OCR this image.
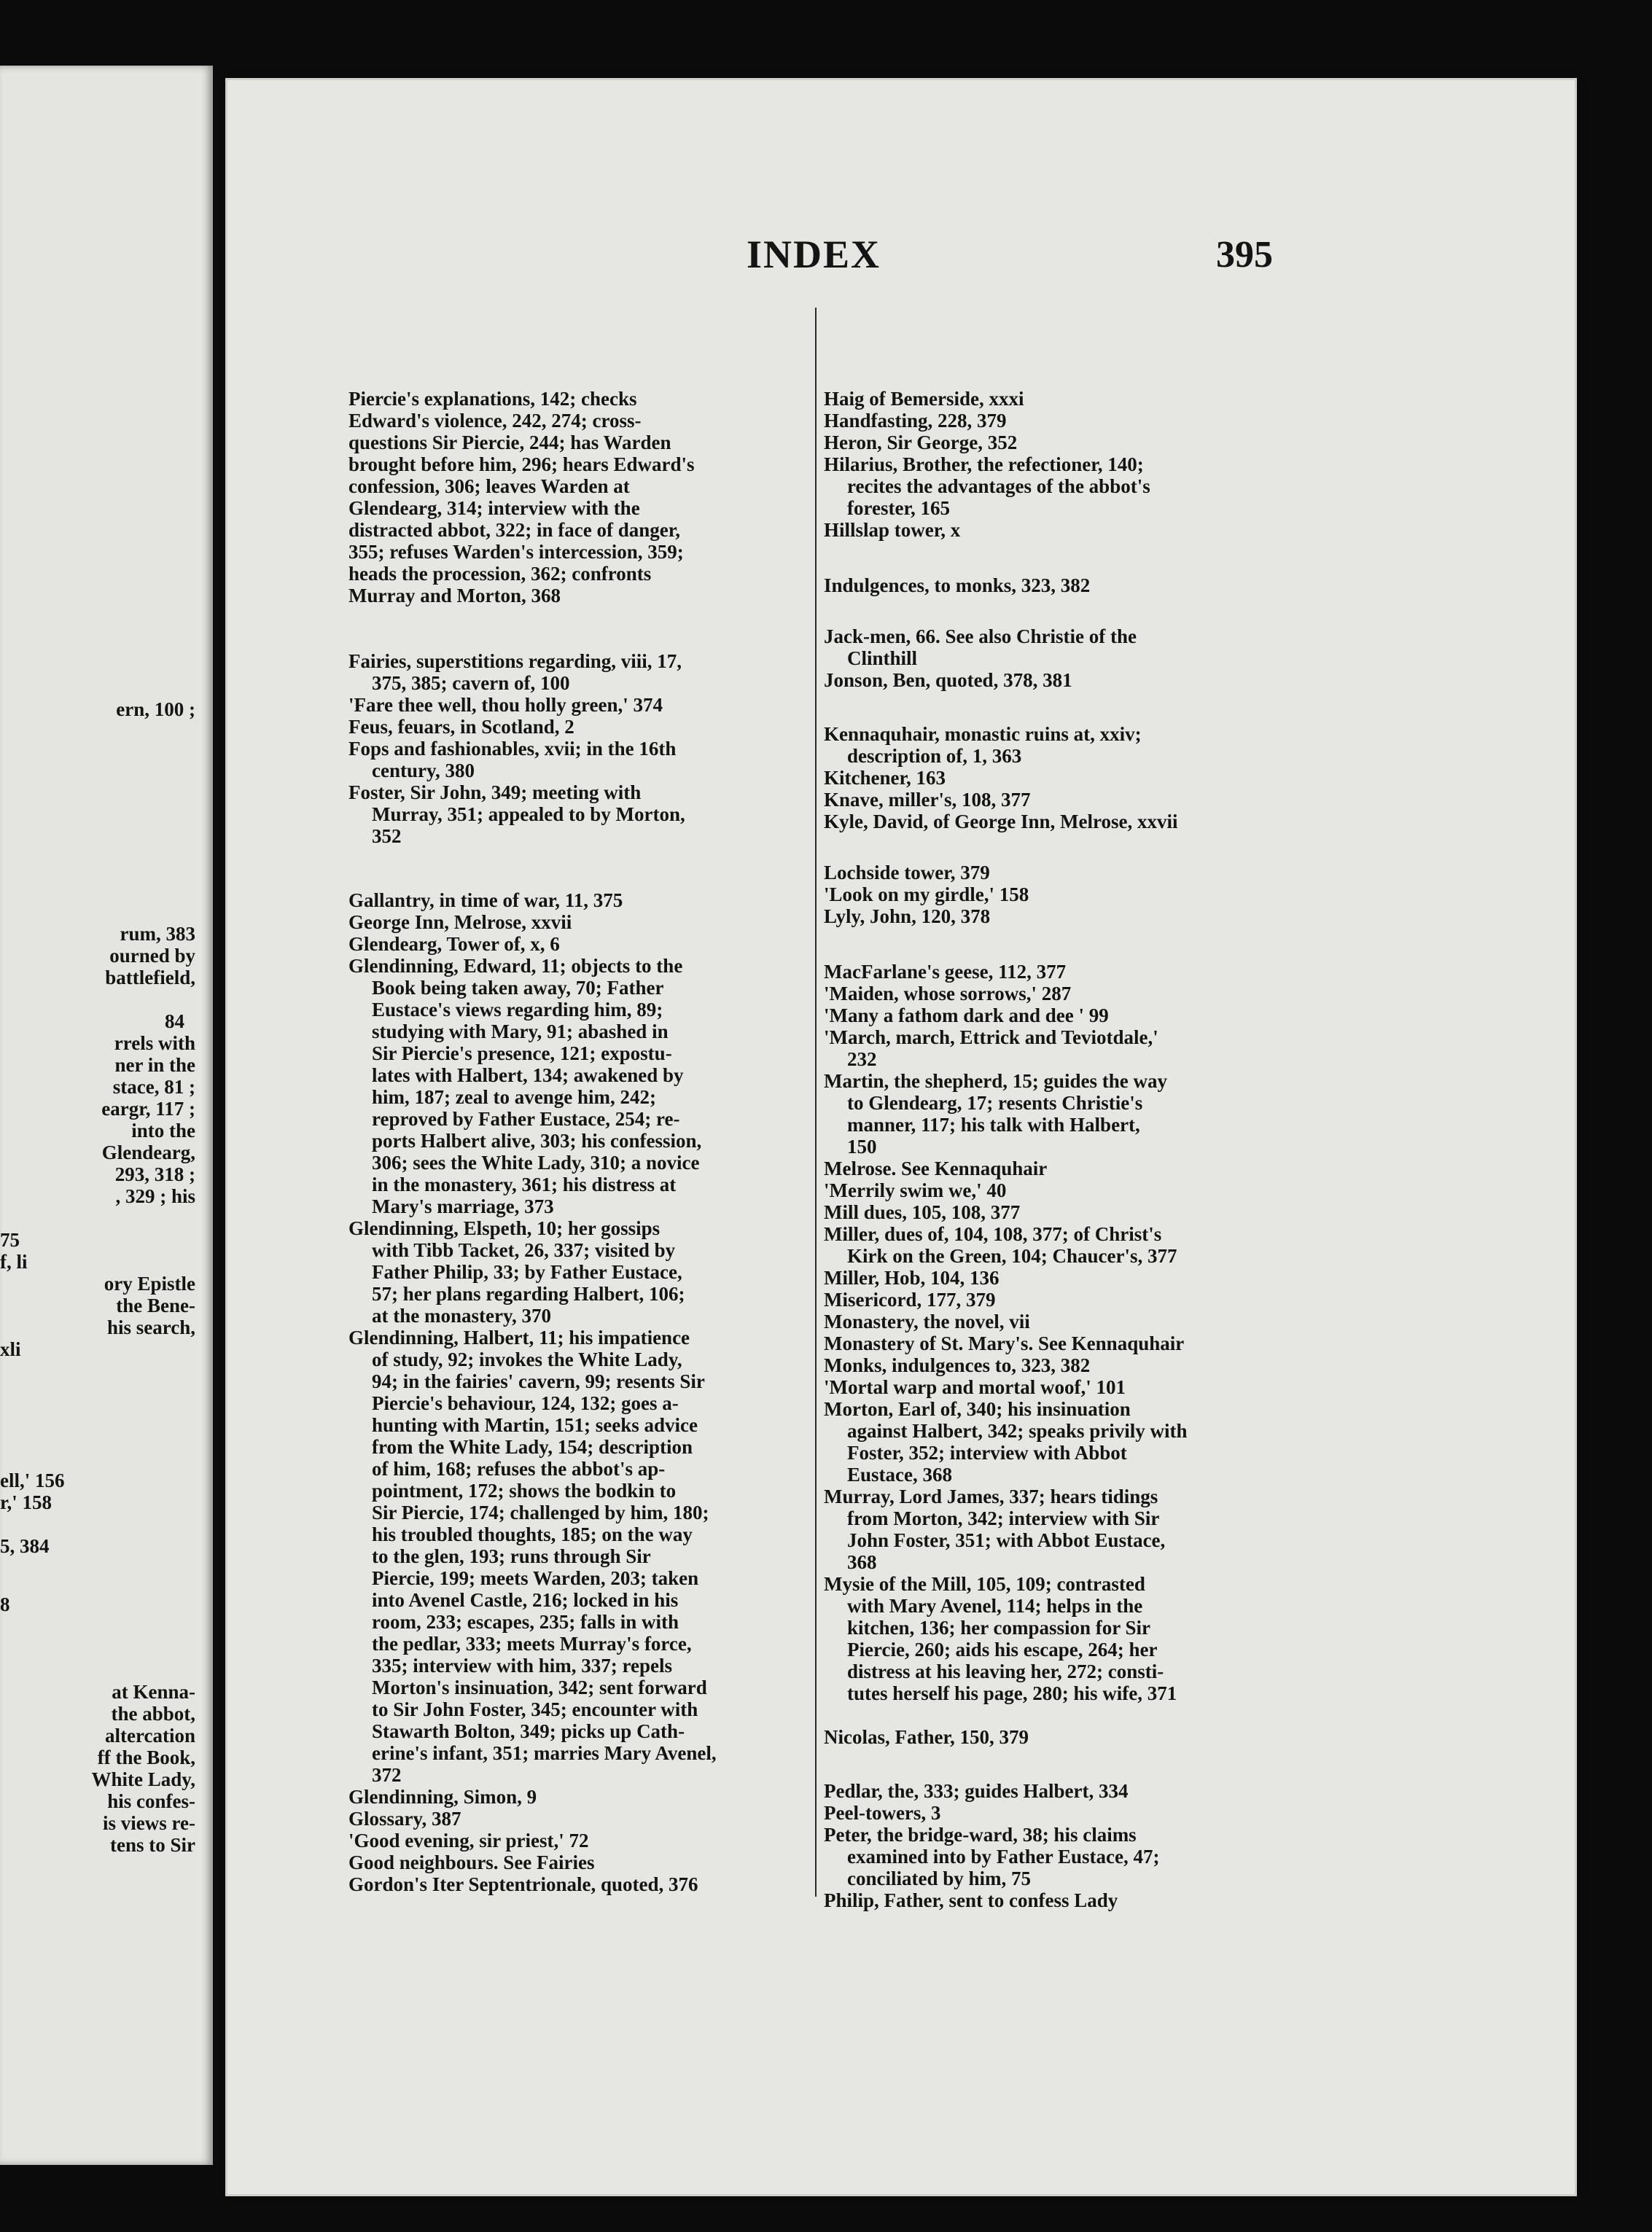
ern, 100 ;
rum, 383
ourned by
battlefield,
84
rrels with
ner in the
stace, 81 ;
eargr, 117 ;
into the
Glendearg,
293, 318 ;
, 329 ; his
75
f, li
ory Epistle
the Bene-
his search,
xli
ell,' 156
r,' 158
5, 384
8
at Kenna-
the abbot,
altercation
ff the Book,
White Lady,
his confes-
is views re-
tens to Sir
INDEX	395
Piercie's explanations, 142; checks
Edward's violence, 242, 274; cross-
questions Sir Piercie, 244; has Warden
brought before him, 296; hears Edward's
confession, 306; leaves Warden at
Glendearg, 314; interview with the
distracted abbot, 322; in face of danger,
355; refuses Warden's intercession, 359;
heads the procession, 362; confronts
Murray and Morton, 368
Fairies, superstitions regarding, viii, 17,
375, 385; cavern of, 100
'Fare thee well, thou holly green,' 374
Feus, feuars, in Scotland, 2
Fops and fashionables, xvii; in the 16th
century, 380
Foster, Sir John, 349; meeting with
Murray, 351; appealed to by Morton,
352
Gallantry, in time of war, 11, 375
George Inn, Melrose, xxvii
Glendearg, Tower of, x, 6
Glendinning, Edward, 11; objects to the
Book being taken away, 70; Father
Eustace's views regarding him, 89;
studying with Mary, 91; abashed in
Sir Piercie's presence, 121; expostu-
lates with Halbert, 134; awakened by
him, 187; zeal to avenge him, 242;
reproved by Father Eustace, 254; re-
ports Halbert alive, 303; his confession,
306; sees the White Lady, 310; a novice
in the monastery, 361; his distress at
Mary's marriage, 373
Glendinning, Elspeth, 10; her gossips
with Tibb Tacket, 26, 337; visited by
Father Philip, 33; by Father Eustace,
57; her plans regarding Halbert, 106;
at the monastery, 370
Glendinning, Halbert, 11; his impatience
of study, 92; invokes the White Lady,
94; in the fairies' cavern, 99; resents Sir
Piercie's behaviour, 124, 132; goes a-
hunting with Martin, 151; seeks advice
from the White Lady, 154; description
of him, 168; refuses the abbot's ap-
pointment, 172; shows the bodkin to
Sir Piercie, 174; challenged by him, 180;
his troubled thoughts, 185; on the way
to the glen, 193; runs through Sir
Piercie, 199; meets Warden, 203; taken
into Avenel Castle, 216; locked in his
room, 233; escapes, 235; falls in with
the pedlar, 333; meets Murray's force,
335; interview with him, 337; repels
Morton's insinuation, 342; sent forward
to Sir John Foster, 345; encounter with
Stawarth Bolton, 349; picks up Cath-
erine's infant, 351; marries Mary Avenel,
372
Glendinning, Simon, 9
Glossary, 387
'Good evening, sir priest,' 72
Good neighbours. See Fairies
Gordon's Iter Septentrionale, quoted, 376
Haig of Bemerside, xxxi
Handfasting, 228, 379
Heron, Sir George, 352
Hilarius, Brother, the refectioner, 140;
recites the advantages of the abbot's
forester, 165
Hillslap tower, x
Indulgences, to monks, 323, 382
Jack-men, 66. See also Christie of the
Clinthill
Jonson, Ben, quoted, 378, 381
Kennaquhair, monastic ruins at, xxiv;
description of, 1, 363
Kitchener, 163
Knave, miller's, 108, 377
Kyle, David, of George Inn, Melrose, xxvii
Lochside tower, 379
'Look on my girdle,' 158
Lyly, John, 120, 378
MacFarlane's geese, 112, 377
'Maiden, whose sorrows,' 287
'Many a fathom dark and dee ' 99
'March, march, Ettrick and Teviotdale,'
232
Martin, the shepherd, 15; guides the way
to Glendearg, 17; resents Christie's
manner, 117; his talk with Halbert,
150
Melrose. See Kennaquhair
'Merrily swim we,' 40
Mill dues, 105, 108, 377
Miller, dues of, 104, 108, 377; of Christ's
Kirk on the Green, 104; Chaucer's, 377
Miller, Hob, 104, 136
Misericord, 177, 379
Monastery, the novel, vii
Monastery of St. Mary's. See Kennaquhair
Monks, indulgences to, 323, 382
'Mortal warp and mortal woof,' 101
Morton, Earl of, 340; his insinuation
against Halbert, 342; speaks privily with
Foster, 352; interview with Abbot
Eustace, 368
Murray, Lord James, 337; hears tidings
from Morton, 342; interview with Sir
John Foster, 351; with Abbot Eustace,
368
Mysie of the Mill, 105, 109; contrasted
with Mary Avenel, 114; helps in the
kitchen, 136; her compassion for Sir
Piercie, 260; aids his escape, 264; her
distress at his leaving her, 272; consti-
tutes herself his page, 280; his wife, 371
Nicolas, Father, 150, 379
Pedlar, the, 333; guides Halbert, 334
Peel-towers, 3
Peter, the bridge-ward, 38; his claims
examined into by Father Eustace, 47;
conciliated by him, 75
Philip, Father, sent to confess Lady
